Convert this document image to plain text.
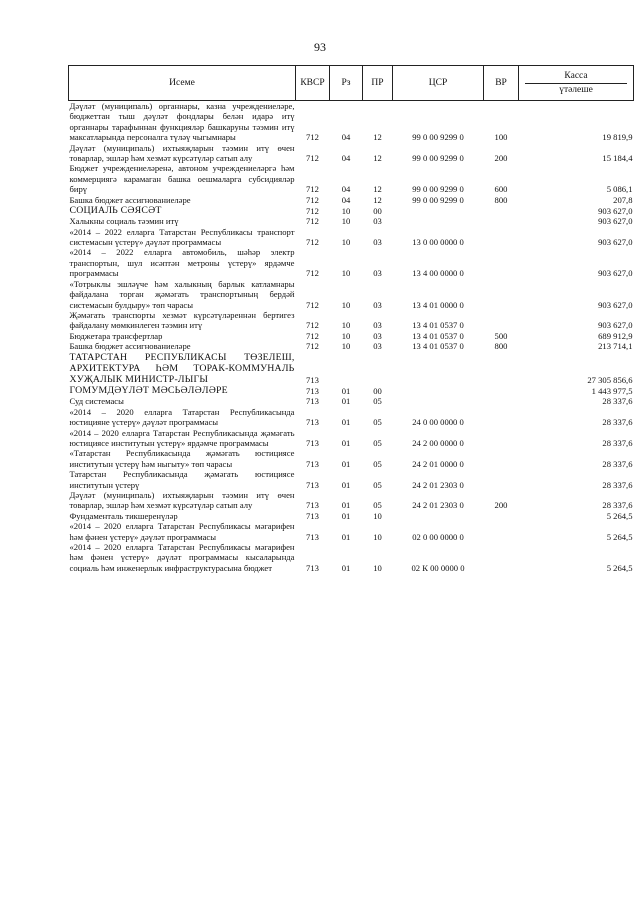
93
Исеме	КВСР	Рз	ПР	ЦСР	ВР	Касса
үтәлеше

Дәүләт (муниципаль) органнары, казна учреждениеләре, бюджеттан тыш дәүләт фондлары белән идарә итү органнары тарафыннан функцияләр башкаруны тәэмин итү максатларында персоналга түләү чыгымнары	712	04	12	99 0 00 9299 0	100	19 819,9
Дәүләт (муниципаль) ихтыяҗларын тәэмин итү өчен товарлар, эшләр һәм хезмәт күрсәтүләр сатып алу	712	04	12	99 0 00 9299 0	200	15 184,4
Бюджет учреждениеләренә, автоном учреждениеләргә һәм коммерциягә карамаган башка оешмаларга субсидияләр бирү	712	04	12	99 0 00 9299 0	600	5 086,1
Башка бюджет ассигнованиеләре	712	04	12	99 0 00 9299 0	800	207,8
СОЦИАЛЬ СӘЯСӘТ	712	10	00			903 627,0
Халыкны социаль тәэмин итү	712	10	03			903 627,0
«2014 – 2022 елларга Татарстан Республикасы транспорт системасын үстерү» дәүләт программасы	712	10	03	13 0 00 0000 0		903 627,0
«2014 – 2022 елларга автомобиль, шәһәр электр транспортын, шул исәптән метроны үстерү» ярдәмче программасы	712	10	03	13 4 00 0000 0		903 627,0
«Тотрыклы эшләүче һәм халыкның барлык катламнары файдалана торган җәмәгать транспортының бердәй системасын булдыру» төп чарасы	712	10	03	13 4 01 0000 0		903 627,0
Җәмәгать транспорты хезмәт күрсәтүләреннән бертигез файдалану мөмкинлеген тәэмин итү	712	10	03	13 4 01 0537 0		903 627,0
Бюджетара трансфертлар	712	10	03	13 4 01 0537 0	500	689 912,9
Башка бюджет ассигнованиеләре	712	10	03	13 4 01 0537 0	800	213 714,1
ТАТАРСТАН РЕСПУБЛИКАСЫ ТӨЗЕЛЕШ, АРХИТЕКТУРА ҺӘМ ТОРАК-КОММУНАЛЬ ХУҖАЛЫК МИНИСТР-ЛЫГЫ	713					27 305 856,6
ГОМУМДӘҮЛӘТ МӘСЬӘЛӘЛӘРЕ	713	01	00			1 443 977,5
Суд системасы	713	01	05			28 337,6
«2014 – 2020 елларга Татарстан Республикасында юстицияне үстерү» дәүләт программасы	713	01	05	24 0 00 0000 0		28 337,6
«2014 – 2020 елларга Татарстан Республикасында җәмәгать юстициясе институтын үстерү» ярдәмче программасы	713	01	05	24 2 00 0000 0		28 337,6
«Татарстан Республикасында җәмәгать юстициясе институтын үстерү һәм ныгыту» төп чарасы	713	01	05	24 2 01 0000 0		28 337,6
Татарстан Республикасында җәмәгать юстициясе институтын үстерү	713	01	05	24 2 01 2303 0		28 337,6
Дәүләт (муниципаль) ихтыяҗларын тәэмин итү өчен товарлар, эшләр һәм хезмәт күрсәтүләр сатып алу	713	01	05	24 2 01 2303 0	200	28 337,6
Фундаменталь тикшеренүләр	713	01	10			5 264,5
«2014 – 2020 елларга Татарстан Республикасы мәгарифен һәм фәнен үстерү» дәүләт программасы	713	01	10	02 0 00 0000 0		5 264,5
«2014 – 2020 елларга Татарстан Республикасы мәгарифен һәм фәнен үстерү» дәүләт программасы кысаларында социаль һәм инженерлык инфраструктурасына бюджет	713	01	10	02 К 00 0000 0		5 264,5
